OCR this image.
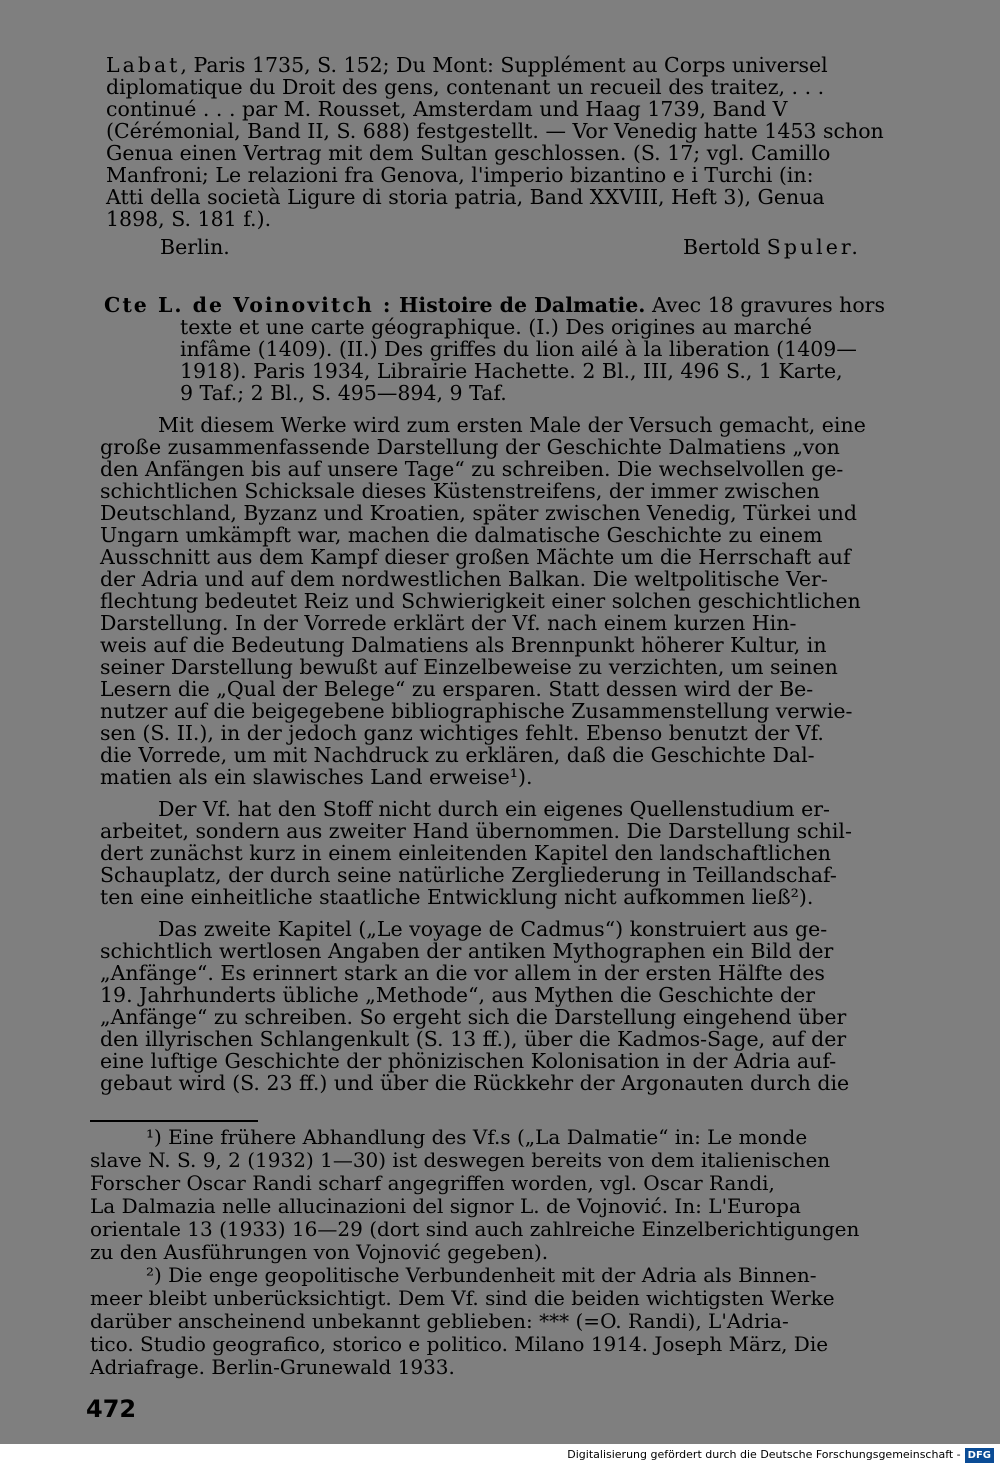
Labat, Paris 1735, S. 152; Du Mont: Supplément au Corps universel
diplomatique du Droit des gens, contenant un recueil des traitez, . . .
continué . . . par M. Rousset, Amsterdam und Haag 1739, Band V
(Cérémonial, Band II, S. 688) festgestellt. — Vor Venedig hatte 1453 schon
Genua einen Vertrag mit dem Sultan geschlossen. (S. 17; vgl. Camillo
Manfroni; Le relazioni fra Genova, l'imperio bizantino e i Turchi (in:
Atti della società Ligure di storia patria, Band XXVIII, Heft 3), Genua
1898, S. 181 f.).
Berlin.	Bertold Spuler.
Cte L. de Voinovitch : Histoire de Dalmatie. Avec 18 gravures hors
texte et une carte géographique. (I.) Des origines au marché
infâme (1409). (II.) Des griffes du lion ailé à la liberation (1409—
1918). Paris 1934, Librairie Hachette. 2 Bl., III, 496 S., 1 Karte,
9 Taf.; 2 Bl., S. 495—894, 9 Taf.
Mit diesem Werke wird zum ersten Male der Versuch gemacht, eine
große zusammenfassende Darstellung der Geschichte Dalmatiens „von
den Anfängen bis auf unsere Tage“ zu schreiben. Die wechselvollen ge-
schichtlichen Schicksale dieses Küstenstreifens, der immer zwischen
Deutschland, Byzanz und Kroatien, später zwischen Venedig, Türkei und
Ungarn umkämpft war, machen die dalmatische Geschichte zu einem
Ausschnitt aus dem Kampf dieser großen Mächte um die Herrschaft auf
der Adria und auf dem nordwestlichen Balkan. Die weltpolitische Ver-
flechtung bedeutet Reiz und Schwierigkeit einer solchen geschichtlichen
Darstellung. In der Vorrede erklärt der Vf. nach einem kurzen Hin-
weis auf die Bedeutung Dalmatiens als Brennpunkt höherer Kultur, in
seiner Darstellung bewußt auf Einzelbeweise zu verzichten, um seinen
Lesern die „Qual der Belege“ zu ersparen. Statt dessen wird der Be-
nutzer auf die beigegebene bibliographische Zusammenstellung verwie-
sen (S. II.), in der jedoch ganz wichtiges fehlt. Ebenso benutzt der Vf.
die Vorrede, um mit Nachdruck zu erklären, daß die Geschichte Dal-
matien als ein slawisches Land erweise¹).
Der Vf. hat den Stoff nicht durch ein eigenes Quellenstudium er-
arbeitet, sondern aus zweiter Hand übernommen. Die Darstellung schil-
dert zunächst kurz in einem einleitenden Kapitel den landschaftlichen
Schauplatz, der durch seine natürliche Zergliederung in Teillandschaf-
ten eine einheitliche staatliche Entwicklung nicht aufkommen ließ²).
Das zweite Kapitel („Le voyage de Cadmus“) konstruiert aus ge-
schichtlich wertlosen Angaben der antiken Mythographen ein Bild der
„Anfänge“. Es erinnert stark an die vor allem in der ersten Hälfte des
19. Jahrhunderts übliche „Methode“, aus Mythen die Geschichte der
„Anfänge“ zu schreiben. So ergeht sich die Darstellung eingehend über
den illyrischen Schlangenkult (S. 13 ff.), über die Kadmos-Sage, auf der
eine luftige Geschichte der phönizischen Kolonisation in der Adria auf-
gebaut wird (S. 23 ff.) und über die Rückkehr der Argonauten durch die
¹) Eine frühere Abhandlung des Vf.s („La Dalmatie“ in: Le monde
slave N. S. 9, 2 (1932) 1—30) ist deswegen bereits von dem italienischen
Forscher Oscar Randi scharf angegriffen worden, vgl. Oscar Randi,
La Dalmazia nelle allucinazioni del signor L. de Vojnović. In: L'Europa
orientale 13 (1933) 16—29 (dort sind auch zahlreiche Einzelberichtigungen
zu den Ausführungen von Vojnović gegeben).
²) Die enge geopolitische Verbundenheit mit der Adria als Binnen-
meer bleibt unberücksichtigt. Dem Vf. sind die beiden wichtigsten Werke
darüber anscheinend unbekannt geblieben: *** (=O. Randi), L'Adria-
tico. Studio geografico, storico e politico. Milano 1914. Joseph März, Die
Adriafrage. Berlin-Grunewald 1933.
472
Digitalisierung gefördert durch die Deutsche Forschungsgemeinschaft - DFG
